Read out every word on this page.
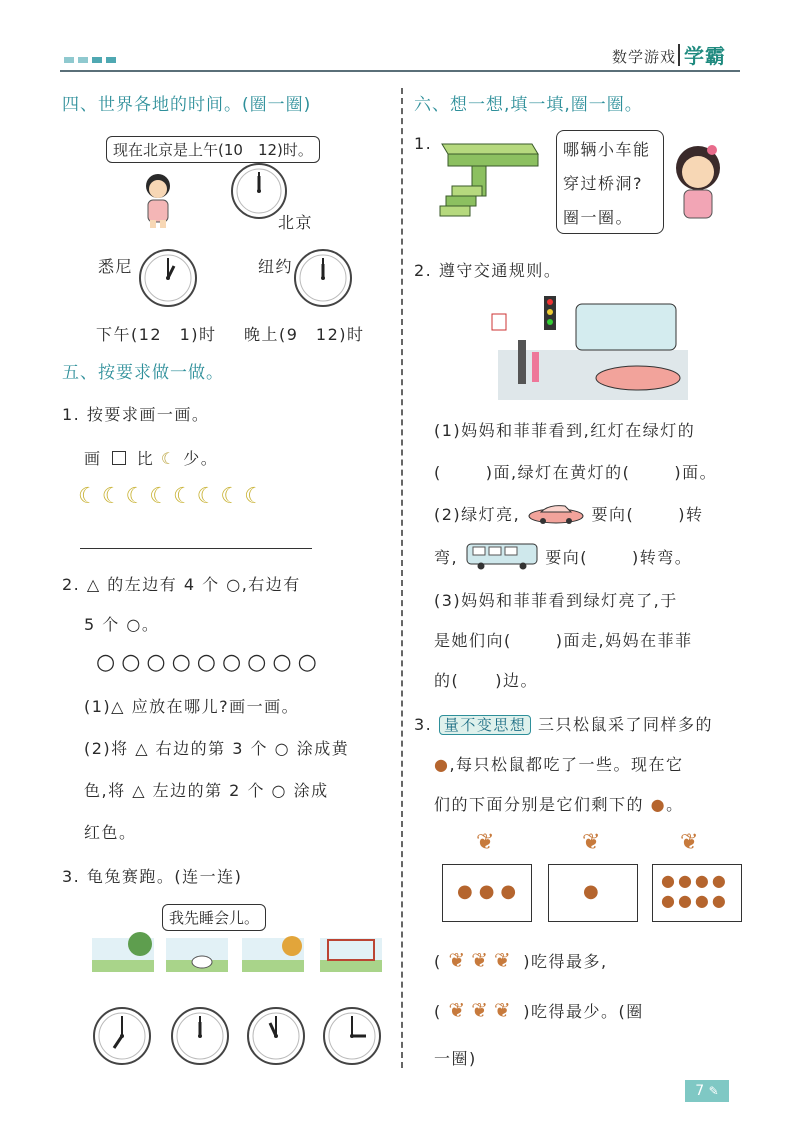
数学游戏 学霸
四、世界各地的时间。(圈一圈)
现在北京是上午(10　12)时。
北京
悉尼	纽约
下午(12　1)时 晚上(9　12)时
五、按要求做一做。
1. 按要求画一画。
画 比 ☾ 少。
☾☾☾☾☾☾☾☾
2. △ 的左边有 4 个 ○,右边有
5 个 ○。
○○○○○○○○○
(1)△ 应放在哪儿?画一画。
(2)将 △ 右边的第 3 个 ○ 涂成黄
色,将 △ 左边的第 2 个 ○ 涂成
红色。
3. 龟兔赛跑。(连一连)
我先睡会儿。
六、想一想,填一填,圈一圈。
1.	哪辆小车能
穿过桥洞?
圈一圈。
2. 遵守交通规则。
(1)妈妈和菲菲看到,红灯在绿灯的
(	)面,绿灯在黄灯的(	)面。
(2)绿灯亮,	要向(	)转
弯,	要向(	)转弯。
(3)妈妈和菲菲看到绿灯亮了,于
是她们向(	)面走,妈妈在菲菲
的( )边。
3. 量不变思想 三只松鼠采了同样多的
●,每只松鼠都吃了一些。现在它
们的下面分别是它们剩下的 ●。
❦	❦	❦
●●●	●
●●●●
●●●●
( ❦❦❦ )吃得最多,
( ❦❦❦ )吃得最少。(圈
一圈)
7 ✎
